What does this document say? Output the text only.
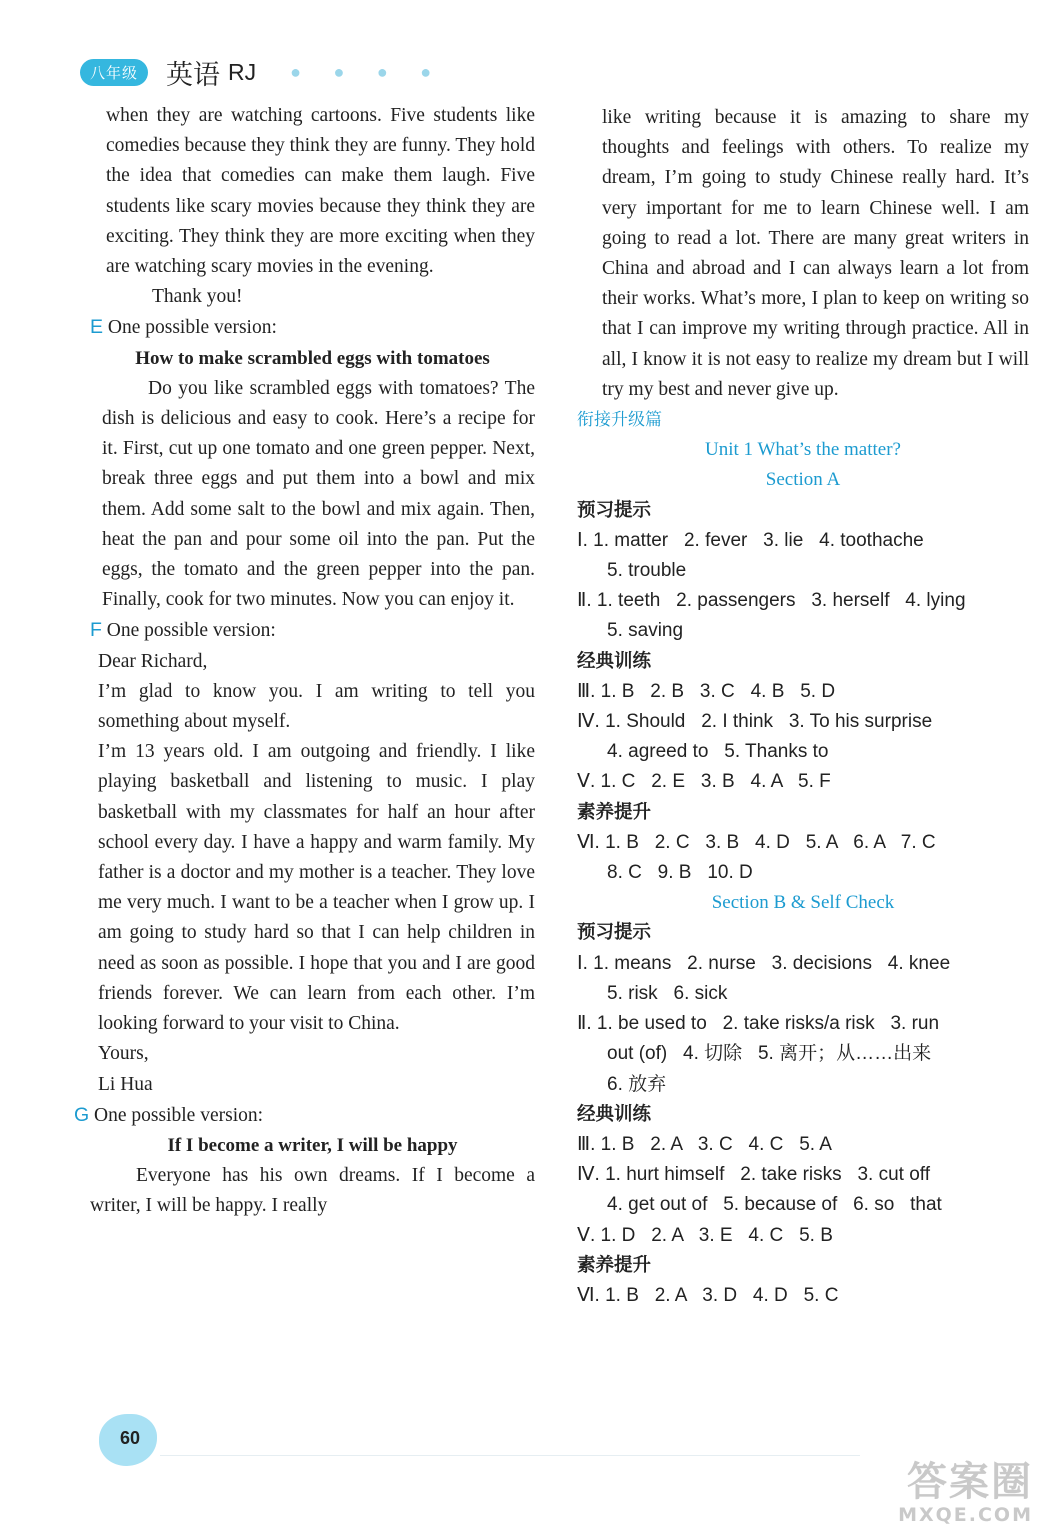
八年级	英语 RJ ● ● ● ●

when they are watching cartoons. Five students like comedies because they think they are funny. They hold the idea that comedies can make them laugh. Five students like scary movies because they think they are exciting. They think they are more exciting when they are watching scary movies in the evening.

Thank you!

E One possible version:

How to make scrambled eggs with tomatoes

Do you like scrambled eggs with tomatoes? The dish is delicious and easy to cook. Here’s a recipe for it. First, cut up one tomato and one green pepper. Next, break three eggs and put them into a bowl and mix them. Add some salt to the bowl and mix again. Then, heat the pan and pour some oil into the pan. Put the eggs, the tomato and the green pepper into the pan. Finally, cook for two minutes. Now you can enjoy it.

F One possible version:

Dear Richard,

I’m glad to know you. I am writing to tell you something about myself.

I’m 13 years old. I am outgoing and friendly. I like playing basketball and listening to music. I play basketball with my classmates for half an hour after school every day. I have a happy and warm family. My father is a doctor and my mother is a teacher. They love me very much. I want to be a teacher when I grow up. I am going to study hard so that I can help children in need as soon as possible. I hope that you and I are good friends forever. We can learn from each other. I’m looking forward to your visit to China.

Yours,

Li Hua

G One possible version:

If I become a writer, I will be happy

Everyone has his own dreams. If I become a writer, I will be happy. I really

like writing because it is amazing to share my thoughts and feelings with others. To realize my dream, I’m going to study Chinese really hard. It’s very important for me to learn Chinese well. I am going to read a lot. There are many great writers in China and abroad and I can always learn a lot from their works. What’s more, I plan to keep on writing so that I can improve my writing through practice. All in all, I know it is not easy to realize my dream but I will try my best and never give up.

衔接升级篇

Unit 1 What’s the matter?

Section A

预习提示

Ⅰ. 1. matter   2. fever   3. lie   4. toothache

5. trouble

Ⅱ. 1. teeth   2. passengers   3. herself   4. lying

5. saving

经典训练

Ⅲ. 1. B   2. B   3. C   4. B   5. D

Ⅳ. 1. Should   2. I think   3. To his surprise

4. agreed to   5. Thanks to

Ⅴ. 1. C   2. E   3. B   4. A   5. F

素养提升

Ⅵ. 1. B   2. C   3. B   4. D   5. A   6. A   7. C

8. C   9. B   10. D

Section B & Self Check

预习提示

Ⅰ. 1. means   2. nurse   3. decisions   4. knee

5. risk   6. sick

Ⅱ. 1. be used to   2. take risks/a risk   3. run

out (of)   4. 切除   5. 离开；从……出来

6. 放弃

经典训练

Ⅲ. 1. B   2. A   3. C   4. C   5. A

Ⅳ. 1. hurt himself   2. take risks   3. cut off

4. get out of   5. because of   6. so   that

Ⅴ. 1. D   2. A   3. E   4. C   5. B

素养提升

Ⅵ. 1. B   2. A   3. D   4. D   5. C

60
答案圈
MXQE.COM
